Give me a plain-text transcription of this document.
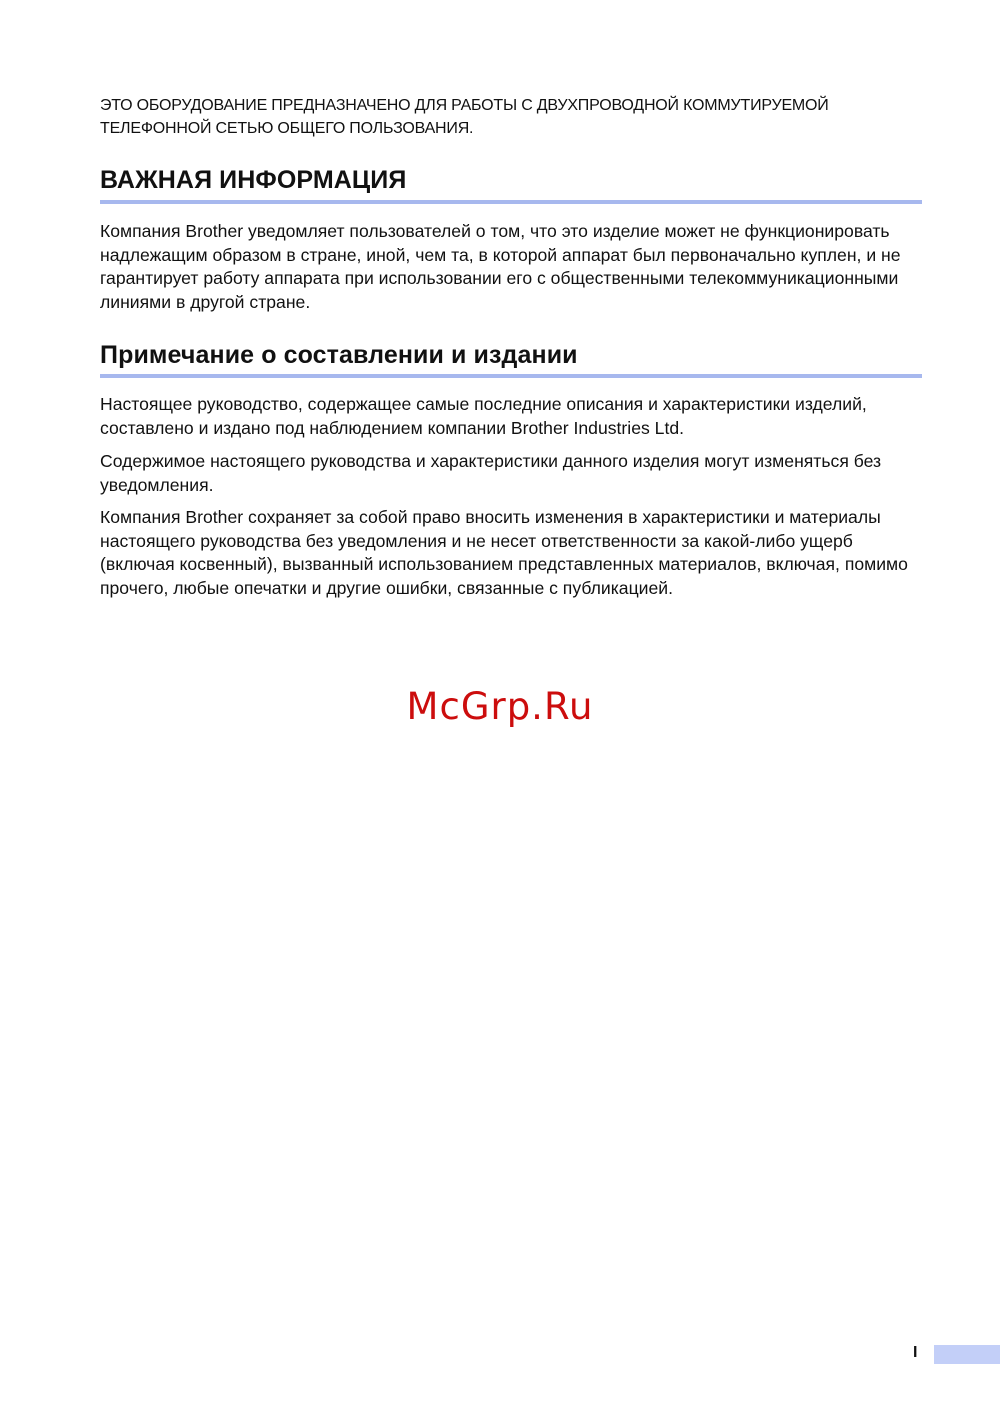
ЭТО ОБОРУДОВАНИЕ ПРЕДНАЗНАЧЕНО ДЛЯ РАБОТЫ С ДВУХПРОВОДНОЙ КОММУТИРУЕМОЙ ТЕЛЕФОННОЙ СЕТЬЮ ОБЩЕГО ПОЛЬЗОВАНИЯ.

ВАЖНАЯ ИНФОРМАЦИЯ

Компания Brother уведомляет пользователей о том, что это изделие может не функционировать надлежащим образом в стране, иной, чем та, в которой аппарат был первоначально куплен, и не гарантирует работу аппарата при использовании его с общественными телекоммуникационными линиями в другой стране.

Примечание о составлении и издании

Настоящее руководство, содержащее самые последние описания и характеристики изделий, составлено и издано под наблюдением компании Brother Industries Ltd.

Содержимое настоящего руководства и характеристики данного изделия могут изменяться без уведомления.

Компания Brother сохраняет за собой право вносить изменения в характеристики и материалы настоящего руководства без уведомления и не несет ответственности за какой-либо ущерб (включая косвенный), вызванный использованием представленных материалов, включая, помимо прочего, любые опечатки и другие ошибки, связанные с публикацией.

McGrp.Ru
I
